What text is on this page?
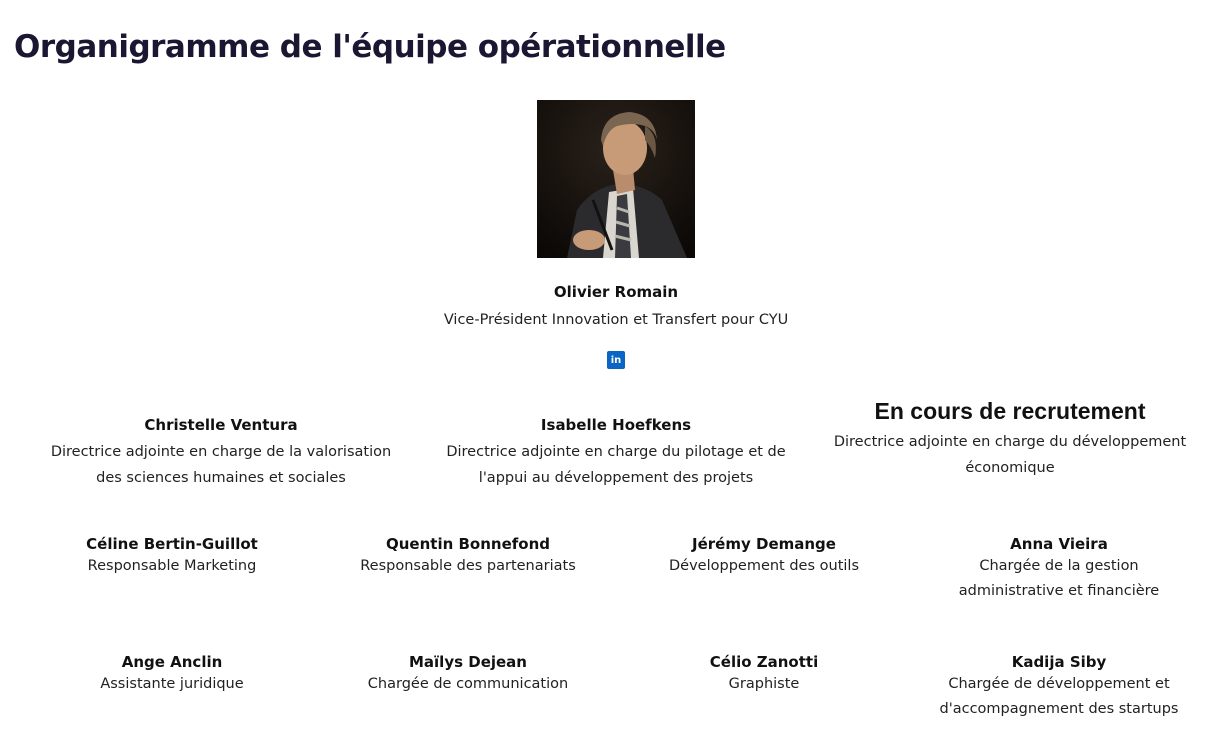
Organigramme de l'équipe opérationnelle
Olivier Romain
Vice-Président Innovation et Transfert pour CYU
in
Christelle Ventura
Directrice adjointe en charge de la valorisation
des sciences humaines et sociales
Isabelle Hoefkens
Directrice adjointe en charge du pilotage et de
l'appui au développement des projets
En cours de recrutement
Directrice adjointe en charge du développement
économique
Céline Bertin-Guillot
Responsable Marketing
Quentin Bonnefond
Responsable des partenariats
Jérémy Demange
Développement des outils
Anna Vieira
Chargée de la gestion
administrative et financière
Ange Anclin
Assistante juridique
Maïlys Dejean
Chargée de communication
Célio Zanotti
Graphiste
Kadija Siby
Chargée de développement et
d'accompagnement des startups
